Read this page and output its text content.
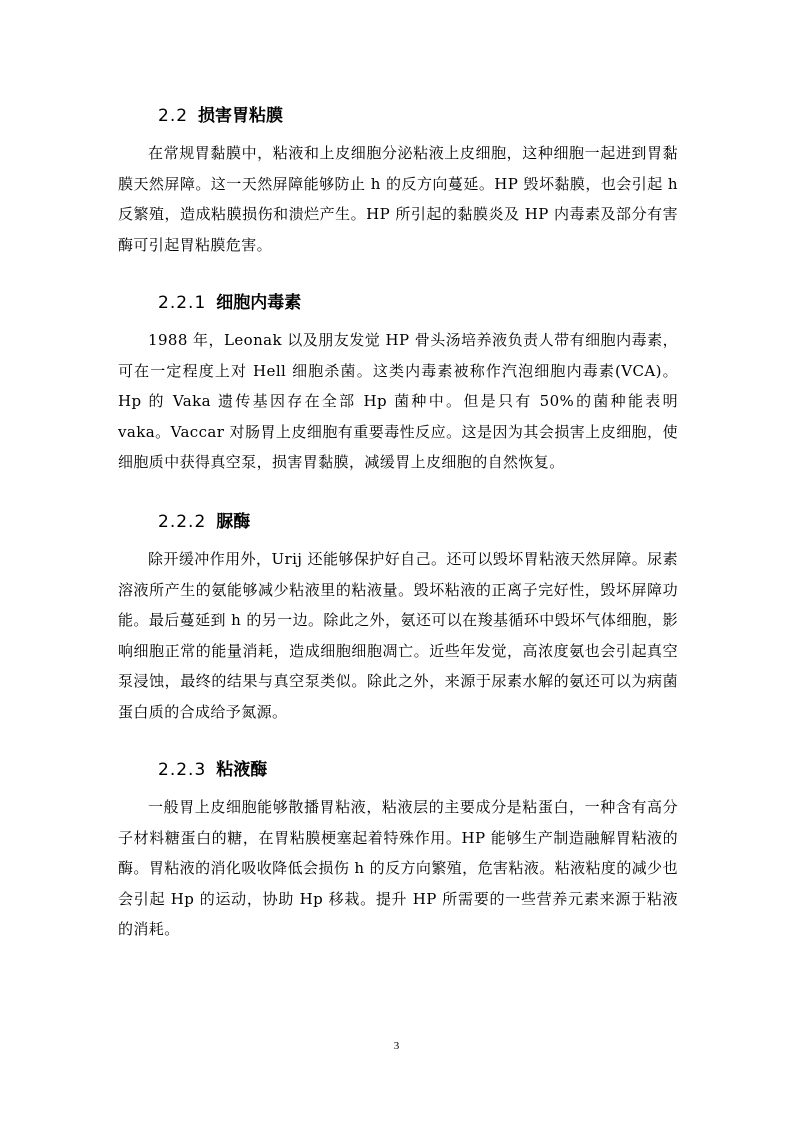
2.2 损害胃粘膜

在常规胃黏膜中，粘液和上皮细胞分泌粘液上皮细胞，这种细胞一起进到胃黏膜天然屏障。这一天然屏障能够防止 h 的反方向蔓延。HP 毁坏黏膜，也会引起 h 反繁殖，造成粘膜损伤和溃烂产生。HP 所引起的黏膜炎及 HP 内毒素及部分有害酶可引起胃粘膜危害。

2.2.1 细胞内毒素

1988 年，Leonak 以及朋友发觉 HP 骨头汤培养液负责人带有细胞内毒素，可在一定程度上对 Hell 细胞杀菌。这类内毒素被称作汽泡细胞内毒素(VCA)。Hp 的 Vaka 遗传基因存在全部 Hp 菌种中。但是只有 50%的菌种能表明 vaka。Vaccar 对肠胃上皮细胞有重要毒性反应。这是因为其会损害上皮细胞，使细胞质中获得真空泵，损害胃黏膜，减缓胃上皮细胞的自然恢复。

2.2.2 脲酶

除开缓冲作用外，Urij 还能够保护好自己。还可以毁坏胃粘液天然屏障。尿素溶液所产生的氨能够减少粘液里的粘液量。毁坏粘液的正离子完好性，毁坏屏障功能。最后蔓延到 h 的另一边。除此之外，氨还可以在羧基循环中毁坏气体细胞，影响细胞正常的能量消耗，造成细胞细胞凋亡。近些年发觉，高浓度氨也会引起真空泵浸蚀，最终的结果与真空泵类似。除此之外，来源于尿素水解的氨还可以为病菌蛋白质的合成给予氮源。

2.2.3 粘液酶

一般胃上皮细胞能够散播胃粘液，粘液层的主要成分是粘蛋白，一种含有高分子材料糖蛋白的糖，在胃粘膜梗塞起着特殊作用。HP 能够生产制造融解胃粘液的酶。胃粘液的消化吸收降低会损伤 h 的反方向繁殖，危害粘液。粘液粘度的减少也会引起 Hp 的运动，协助 Hp 移栽。提升 HP 所需要的一些营养元素来源于粘液的消耗。

3
